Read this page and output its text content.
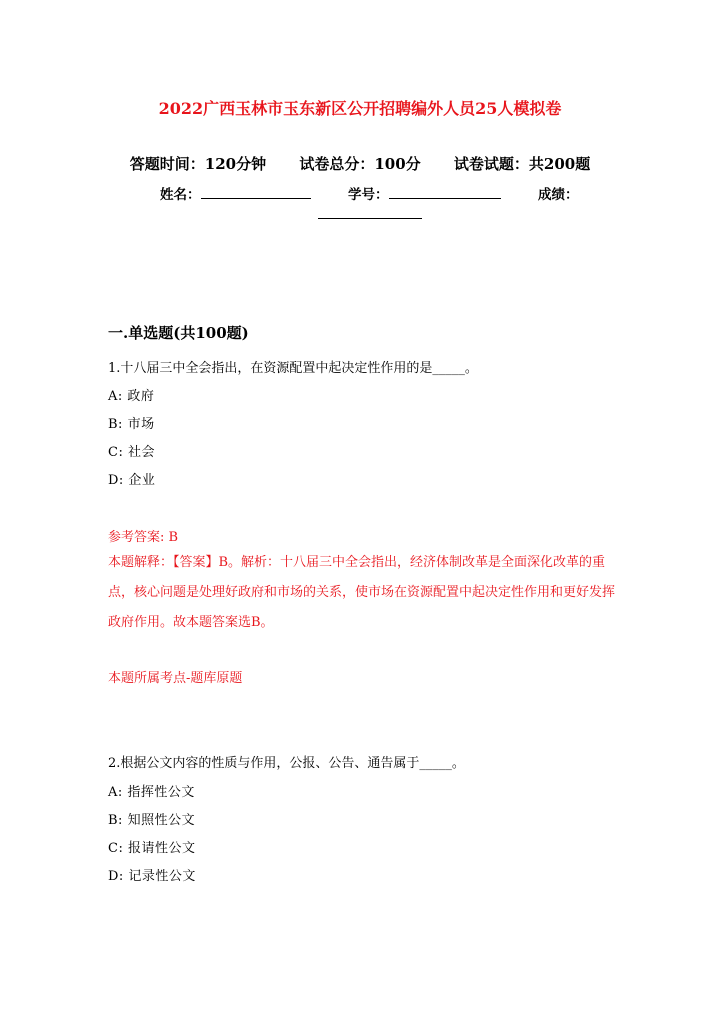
2022广西玉林市玉东新区公开招聘编外人员25人模拟卷
答题时间：120分钟 试卷总分：100分 试卷试题：共200题
姓名：	学号：	成绩：
一.单选题(共100题)
1.十八届三中全会指出，在资源配置中起决定性作用的是_____。
A: 政府
B: 市场
C: 社会
D: 企业
参考答案: B
本题解释：【答案】B。解析：十八届三中全会指出，经济体制改革是全面深化改革的重点，核心问题是处理好政府和市场的关系，使市场在资源配置中起决定性作用和更好发挥政府作用。故本题答案选B。
本题所属考点-题库原题
2.根据公文内容的性质与作用，公报、公告、通告属于_____。
A: 指挥性公文
B: 知照性公文
C: 报请性公文
D: 记录性公文
